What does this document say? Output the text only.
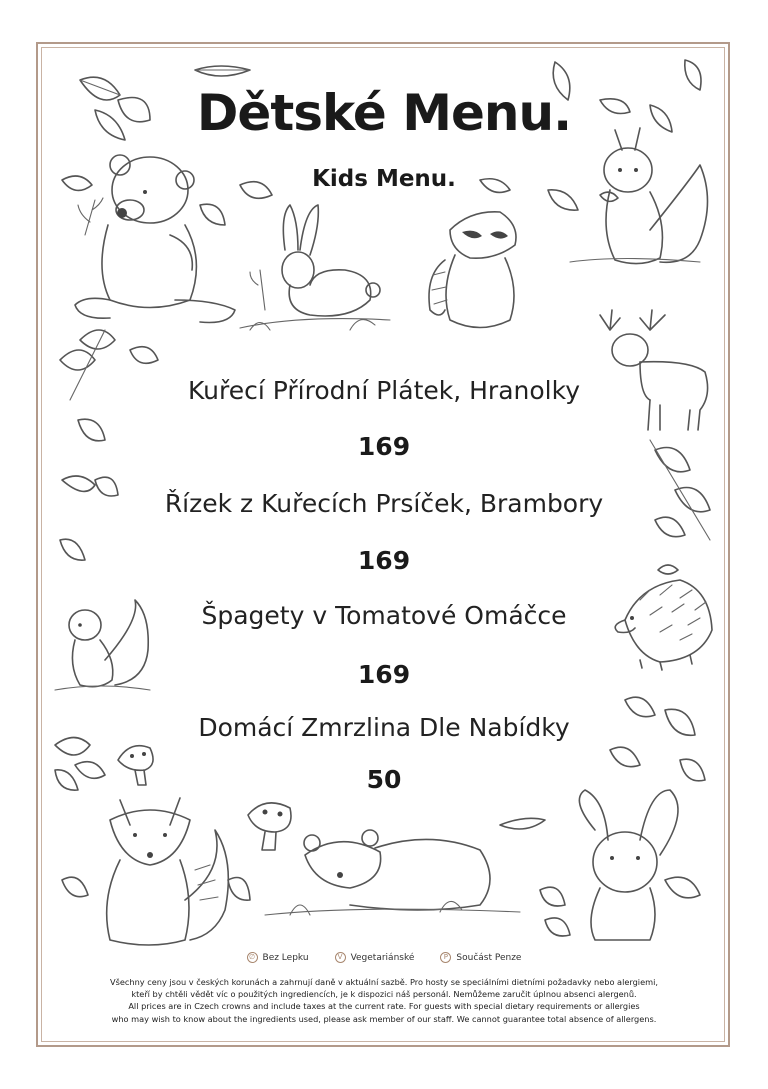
Dětské Menu.
Kids Menu.
Kuřecí Přírodní Plátek, Hranolky
169
Řízek z Kuřecích Prsíček, Brambory
169
Špagety v Tomatové Omáčce
169
Domácí Zmrzlina Dle Nabídky
50
∅ Bez Lepku	V Vegetariánské	P Součást Penze
Všechny ceny jsou v českých korunách a zahrnují daně v aktuální sazbě. Pro hosty se speciálními dietními požadavky nebo alergiemi,
kteří by chtěli vědět víc o použitých ingrediencích, je k dispozici náš personál. Nemůžeme zaručit úplnou absenci alergenů.
All prices are in Czech crowns and include taxes at the current rate. For guests with special dietary requirements or allergies
who may wish to know about the ingredients used, please ask member of our staff. We cannot guarantee total absence of allergens.
